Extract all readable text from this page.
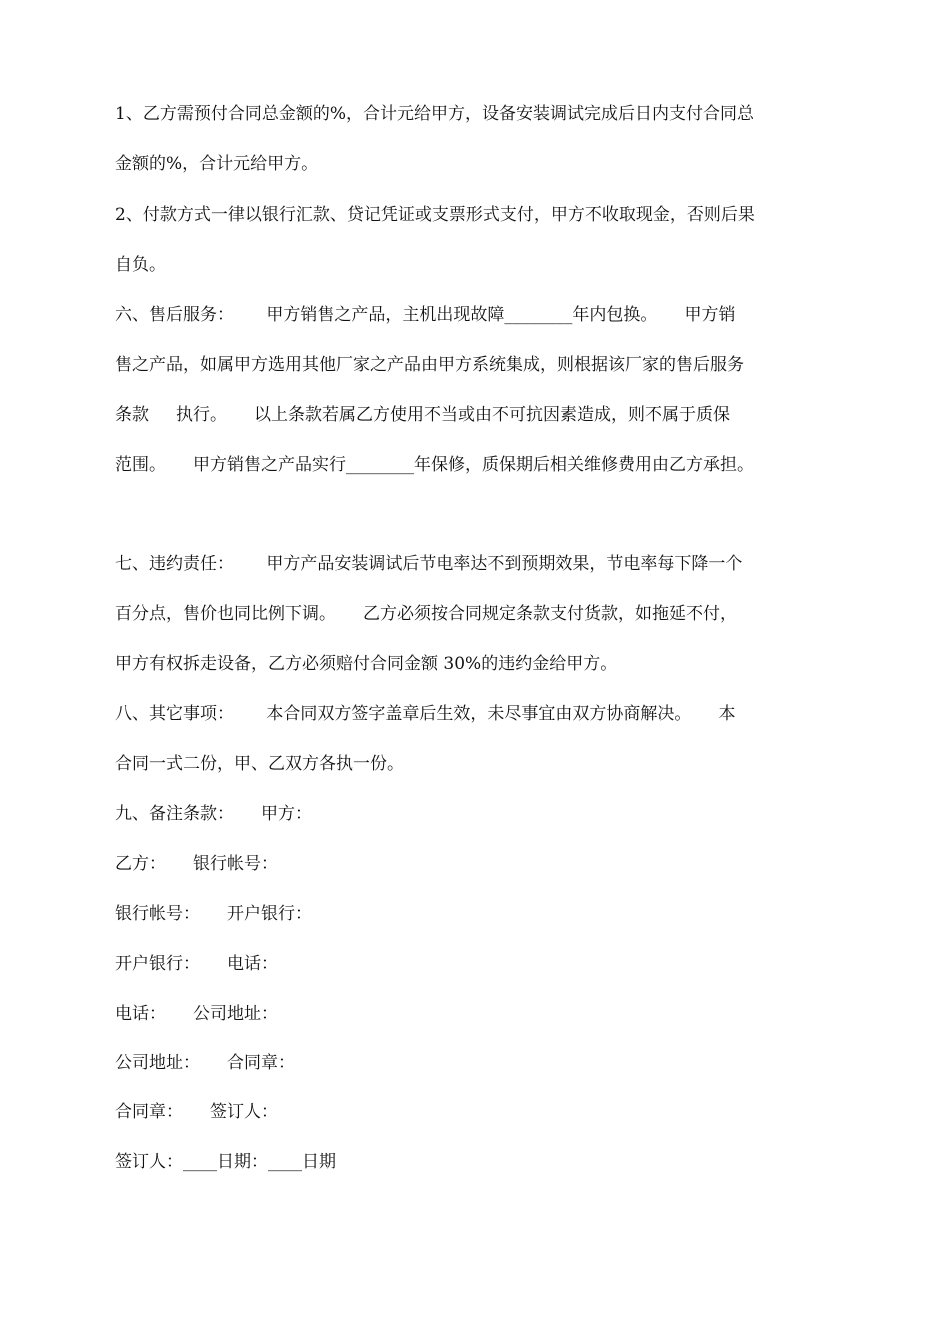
1、乙方需预付合同总金额的%，合计元给甲方，设备安装调试完成后日内支付合同总
金额的%，合计元给甲方。
2、付款方式一律以银行汇款、贷记凭证或支票形式支付，甲方不收取现金，否则后果
自负。
六、售后服务：      甲方销售之产品，主机出现故障________年内包换。     甲方销
售之产品，如属甲方选用其他厂家之产品由甲方系统集成，则根据该厂家的售后服务
条款     执行。     以上条款若属乙方使用不当或由不可抗因素造成，则不属于质保
范围。     甲方销售之产品实行________年保修，质保期后相关维修费用由乙方承担。
七、违约责任：      甲方产品安装调试后节电率达不到预期效果，节电率每下降一个
百分点，售价也同比例下调。     乙方必须按合同规定条款支付货款，如拖延不付，
甲方有权拆走设备，乙方必须赔付合同金额 30%的违约金给甲方。
八、其它事项：      本合同双方签字盖章后生效，未尽事宜由双方协商解决。     本
合同一式二份，甲、乙双方各执一份。
九、备注条款：     甲方：
乙方：     银行帐号：
银行帐号：     开户银行：
开户银行：     电话：
电话：     公司地址：
公司地址：     合同章：
合同章：     签订人：
签订人：____日期：____日期
